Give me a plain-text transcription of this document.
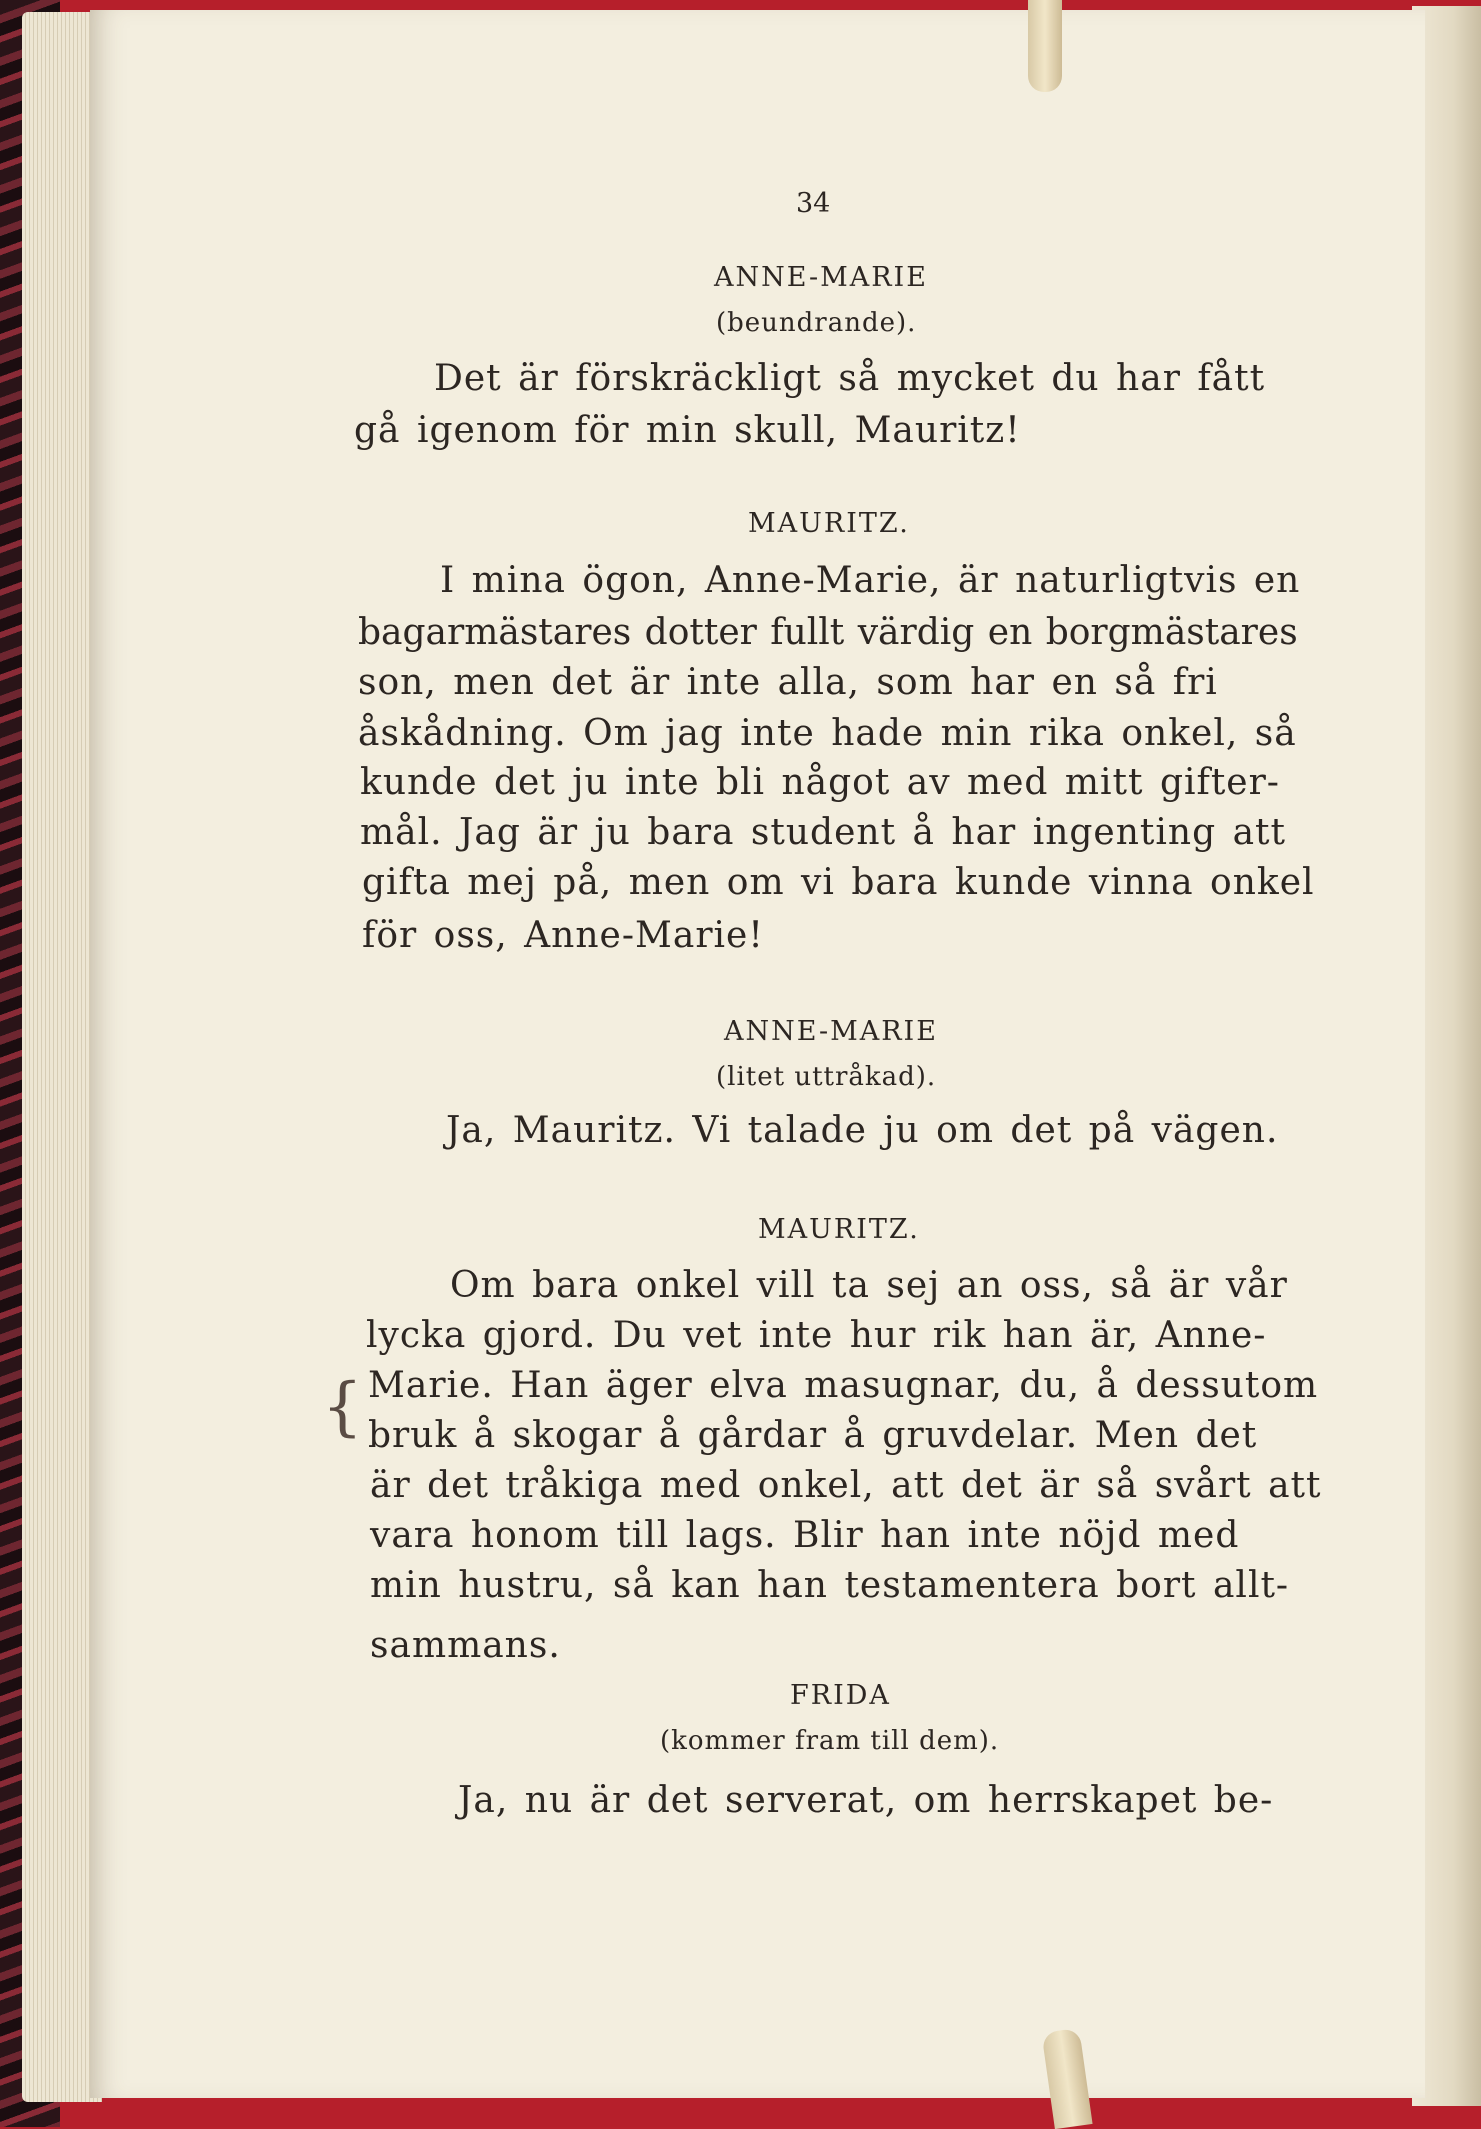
34
ANNE-MARIE
(beundrande).
Det är förskräckligt så mycket du har fått
gå igenom för min skull, Mauritz!
MAURITZ.
I mina ögon, Anne-Marie, är naturligtvis en
bagarmästares dotter fullt värdig en borgmästares
son, men det är inte alla, som har en så fri
åskådning. Om jag inte hade min rika onkel, så
kunde det ju inte bli något av med mitt gifter-
mål. Jag är ju bara student å har ingenting att
gifta mej på, men om vi bara kunde vinna onkel
för oss, Anne-Marie!
ANNE-MARIE
(litet uttråkad).
Ja, Mauritz. Vi talade ju om det på vägen.
MAURITZ.
Om bara onkel vill ta sej an oss, så är vår
lycka gjord. Du vet inte hur rik han är, Anne-
Marie. Han äger elva masugnar, du, å dessutom
bruk å skogar å gårdar å gruvdelar. Men det
är det tråkiga med onkel, att det är så svårt att
vara honom till lags. Blir han inte nöjd med
min hustru, så kan han testamentera bort allt-
sammans.
FRIDA
(kommer fram till dem).
Ja, nu är det serverat, om herrskapet be-
{
